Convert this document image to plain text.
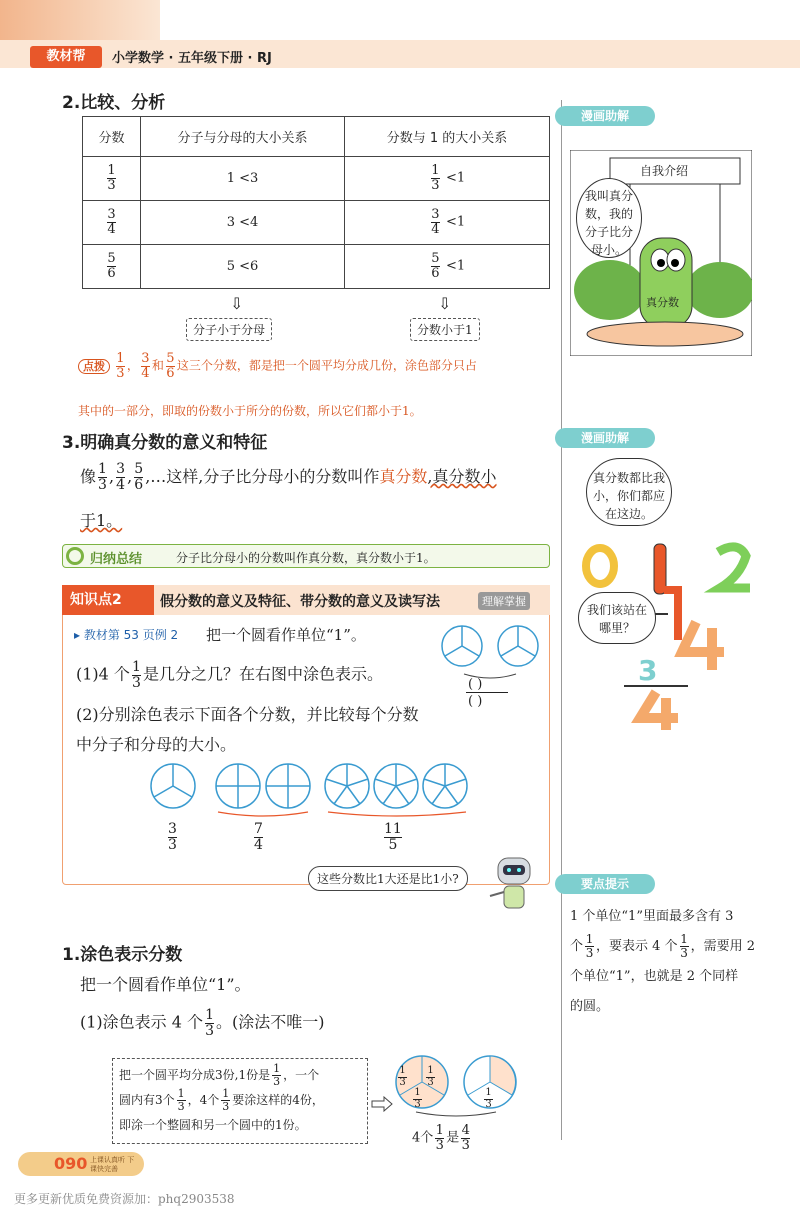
教材帮	小学数学 · 五年级下册 · RJ
2.比较、分析
分数	分子与分母的大小关系	分数与 1 的大小关系

$\frac{1}{3}$	1 <3	$\frac{1}{3} <1$

$\frac{3}{4}$	3 <4	$\frac{3}{4} <1$

$\frac{5}{6}$	5 <6	$\frac{5}{6} <1$
⇩	⇩
分子小于分母	分数小于1
点拨 $\frac{1}{3}$ ， $\frac{3}{4}$ 和 $\frac{5}{6}$ 这三个分数，都是把一个圆平均分成几份，涂色部分只占
其中的一部分，即取的份数小于所分的份数，所以它们都小于1。
3.明确真分数的意义和特征
像 $\frac{1}{3}$ , $\frac{3}{4}$ , $\frac{5}{6}$ ,…这样,分子比分母小的分数叫作真分数,真分数小
于1。
归纳总结	分子比分母小的分数叫作真分数，真分数小于1。
知识点2	假分数的意义及特征、带分数的意义及读写法	理解掌握
▸ 教材第 53 页例 2 把一个圆看作单位“1”。
(1)4 个 $\frac{1}{3}$ 是几分之几？在右图中涂色表示。
(2)分别涂色表示下面各个分数，并比较每个分数
中分子和分母的大小。
( )
( )
$\frac{3}{3}$	$\frac{7}{4}$	$\frac{11}{5}$
这些分数比1大还是比1小?
1.涂色表示分数
把一个圆看作单位“1”。
(1)涂色表示 4 个 $\frac{1}{3}$ 。(涂法不唯一)
把一个圆平均分成3份,1份是 $\frac{1}{3}$ ，一个
圆内有3个 $\frac{1}{3}$ ，4个 $\frac{1}{3}$ 要涂这样的4份，
即涂一个整圆和另一个圆中的1份。
$\frac{1}{3} \frac{1}{3}$
$\frac{1}{3}$	$\frac{1}{3}$
4个 $\frac{1}{3}$ 是 $\frac{4}{3}$
漫画助解
自我介绍
真分数
我叫真分数，我的分子比分母小。
漫画助解
真分数都比我小，你们都应在这边。
3
我们该站在哪里？
要点提示
1 个单位“1”里面最多含有 3
个 $\frac{1}{3}$ ，要表示 4 个 $\frac{1}{3}$ ，需要用 2
个单位“1”，也就是 2 个同样
的圆。
090 上课认真听 下课快完善
更多更新优质免费资源加：phq2903538
